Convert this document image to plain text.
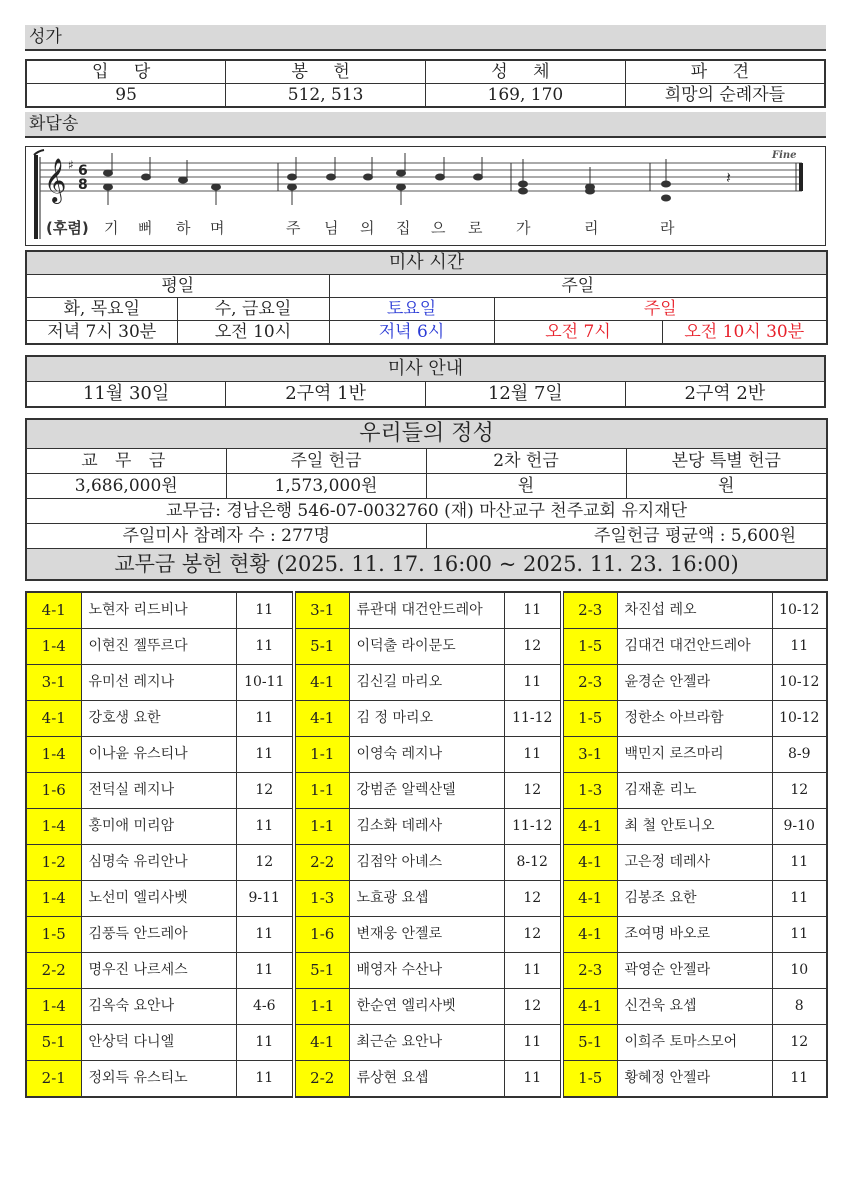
성가
입 당	봉 헌	성 체	파 견
95	512, 513	169, 170	희망의 순례자들
화답송
𝄞 ♯ 6
8	𝄽
Fine
(후렴) 기 뻐 하 며	주 님 의 집 으 로 가	리	라
미사 시간				
평일		주일		
화, 목요일	수, 금요일	토요일	주일	
저녁 7시 30분	오전 10시	저녁 6시	오전 7시	오전 10시 30분
미사 안내
11월 30일	2구역 1반	12월 7일	2구역 2반
우리들의 정성			
교 무 금	주일 헌금	2차 헌금	본당 특별 헌금
3,686,000원	1,573,000원	원	원
교무금: 경남은행 546-07-0032760 (재) 마산교구 천주교회 유지재단			
주일미사 참례자 수 : 277명		주일헌금 평균액 : 5,600원	
교무금 봉헌 현황 (2025. 11. 17. 16:00 ~ 2025. 11. 23. 16:00)			
4-1	노현자 리드비나	11	3-1	류관대 대건안드레아	11	2-3	차진섭 레오	10-12
1-4	이현진 젤뚜르다	11	5-1	이덕출 라이문도	12	1-5	김대건 대건안드레아	11
3-1	유미선 레지나	10-11	4-1	김신길 마리오	11	2-3	윤경순 안젤라	10-12
4-1	강호생 요한	11	4-1	김 정 마리오	11-12	1-5	정한소 아브라함	10-12
1-4	이나윤 유스티나	11	1-1	이영숙 레지나	11	3-1	백민지 로즈마리	8-9
1-6	전덕실 레지나	12	1-1	강범준 알렉산델	12	1-3	김재훈 리노	12
1-4	홍미애 미리암	11	1-1	김소화 데레사	11-12	4-1	최 철 안토니오	9-10
1-2	심명숙 유리안나	12	2-2	김점악 아녜스	8-12	4-1	고은정 데레사	11
1-4	노선미 엘리사벳	9-11	1-3	노효광 요셉	12	4-1	김봉조 요한	11
1-5	김풍득 안드레아	11	1-6	변재웅 안젤로	12	4-1	조여명 바오로	11
2-2	명우진 나르세스	11	5-1	배영자 수산나	11	2-3	곽영순 안젤라	10
1-4	김옥숙 요안나	4-6	1-1	한순연 엘리사벳	12	4-1	신건욱 요셉	8
5-1	안상덕 다니엘	11	4-1	최근순 요안나	11	5-1	이희주 토마스모어	12
2-1	정외득 유스티노	11	2-2	류상현 요셉	11	1-5	황혜정 안젤라	11
